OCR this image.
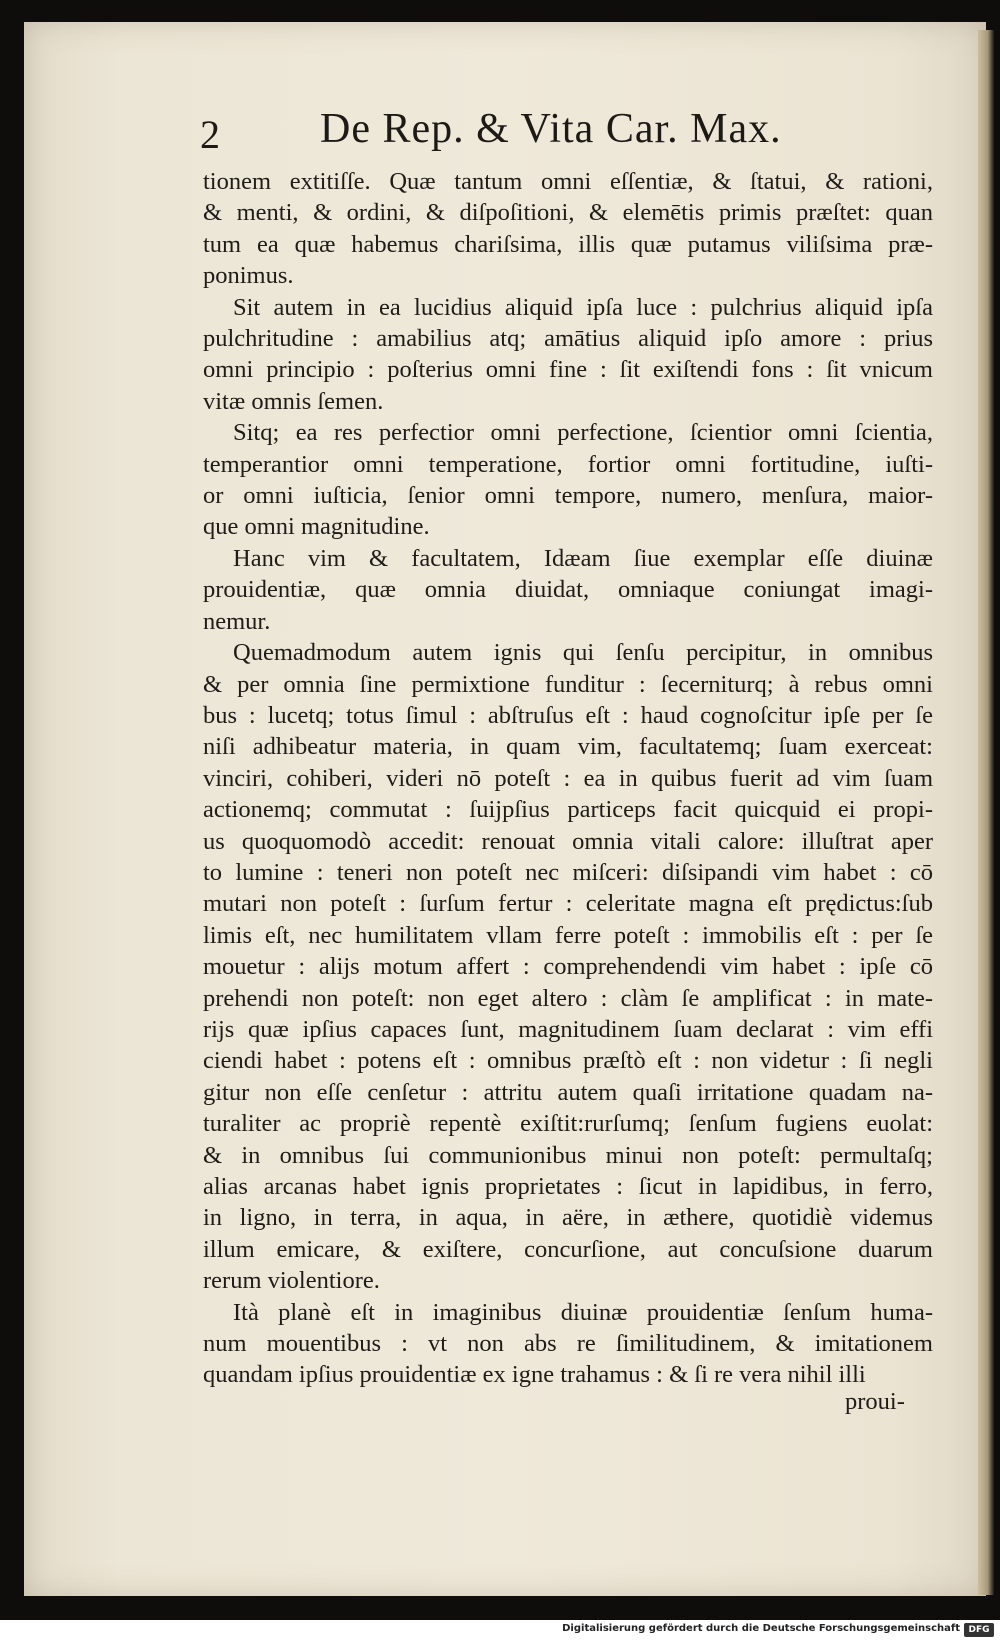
2 De Rep. & Vita Car. Max.
tionem extitiſſe. Quæ tantum omni eſſentiæ, & ſtatui, & rationi,
& menti, & ordini, & diſpoſitioni, & elemētis primis præſtet: quan
tum ea quæ habemus chariſsima, illis quæ putamus viliſsima præ-
ponimus.
Sit autem in ea lucidius aliquid ipſa luce : pulchrius aliquid ipſa
pulchritudine : amabilius atq; amātius aliquid ipſo amore : prius
omni principio : poſterius omni fine : ſit exiſtendi fons : ſit vnicum
vitæ omnis ſemen.
Sitq; ea res perfectior omni perfectione, ſcientior omni ſcientia,
temperantior omni temperatione, fortior omni fortitudine, iuſti-
or omni iuſticia, ſenior omni tempore, numero, menſura, maior-
que omni magnitudine.
Hanc vim & facultatem, Idæam ſiue exemplar eſſe diuinæ
prouidentiæ, quæ omnia diuidat, omniaque coniungat imagi-
nemur.
Quemadmodum autem ignis qui ſenſu percipitur, in omnibus
& per omnia ſine permixtione funditur : ſecerniturq; à rebus omni
bus : lucetq; totus ſimul : abſtruſus eſt : haud cognoſcitur ipſe per ſe
niſi adhibeatur materia, in quam vim, facultatemq; ſuam exerceat:
vinciri, cohiberi, videri nō poteſt : ea in quibus fuerit ad vim ſuam
actionemq; commutat : ſuijpſius particeps facit quicquid ei propi-
us quoquomodò accedit: renouat omnia vitali calore: illuſtrat aper
to lumine : teneri non poteſt nec miſceri: diſsipandi vim habet : cō
mutari non poteſt : ſurſum fertur : celeritate magna eſt prędictus:ſub
limis eſt, nec humilitatem vllam ferre poteſt : immobilis eſt : per ſe
mouetur : alijs motum affert : comprehendendi vim habet : ipſe cō
prehendi non poteſt: non eget altero : clàm ſe amplificat : in mate-
rijs quæ ipſius capaces ſunt, magnitudinem ſuam declarat : vim effi
ciendi habet : potens eſt : omnibus præſtò eſt : non videtur : ſi negli
gitur non eſſe cenſetur : attritu autem quaſi irritatione quadam na-
turaliter ac propriè repentè exiſtit:rurſumq; ſenſum fugiens euolat:
& in omnibus ſui communionibus minui non poteſt: permultaſq;
alias arcanas habet ignis proprietates : ſicut in lapidibus, in ferro,
in ligno, in terra, in aqua, in aëre, in æthere, quotidiè videmus
illum emicare, & exiſtere, concurſione, aut concuſsione duarum
rerum violentiore.
Ità planè eſt in imaginibus diuinæ prouidentiæ ſenſum huma-
num mouentibus : vt non abs re ſimilitudinem, & imitationem
quandam ipſius prouidentiæ ex igne trahamus : & ſi re vera nihil illi
proui-
Digitalisierung gefördert durch die Deutsche Forschungsgemeinschaft DFG
